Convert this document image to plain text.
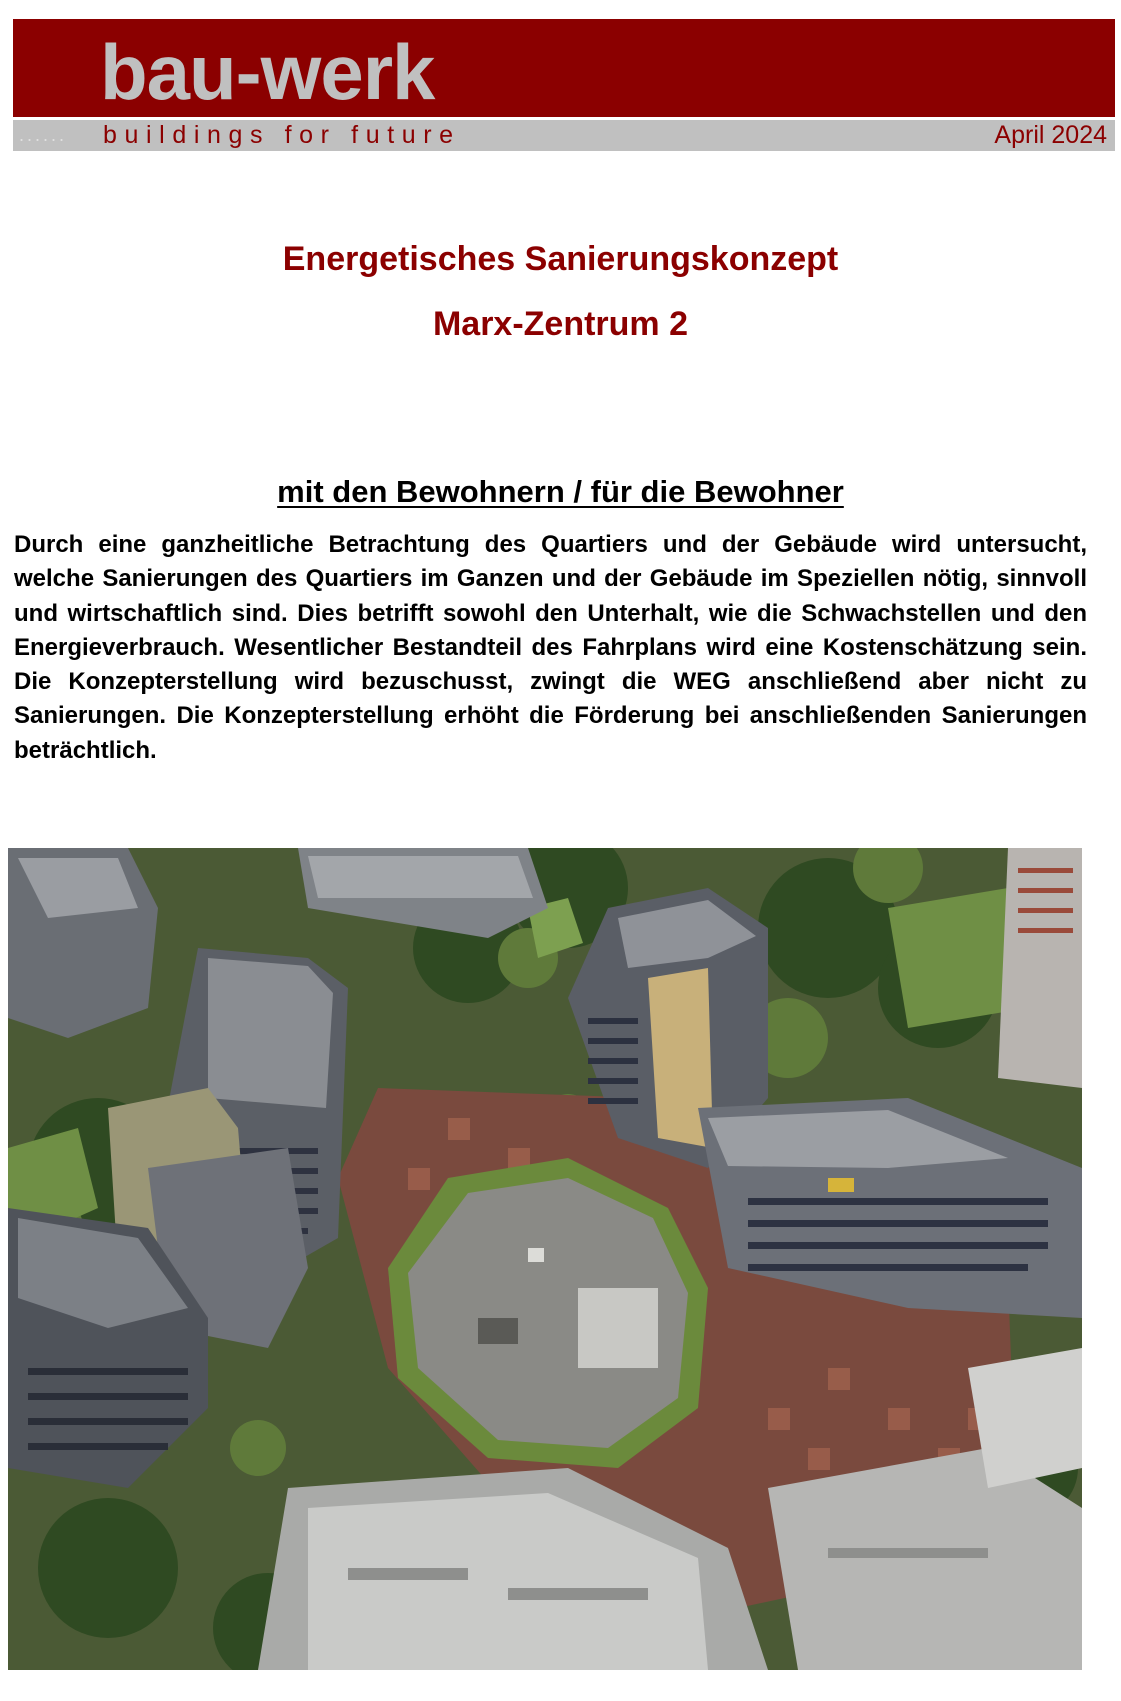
bau-werk
...... buildings for future	April 2024
Energetisches Sanierungskonzept
Marx-Zentrum 2
mit den Bewohnern / für die Bewohner

Durch eine ganzheitliche Betrachtung des Quartiers und der Gebäude wird untersucht, welche Sanierungen des Quartiers im Ganzen und der Gebäude im Speziellen nötig, sinnvoll und wirtschaftlich sind. Dies betrifft sowohl den Unterhalt, wie die Schwachstellen und den Energieverbrauch. Wesentlicher Bestandteil des Fahrplans wird eine Kostenschätzung sein. Die Konzepterstellung wird bezuschusst, zwingt die WEG anschließend aber nicht zu Sanierungen. Die Konzepterstellung erhöht die Förderung bei anschließenden Sanierungen beträchtlich.
